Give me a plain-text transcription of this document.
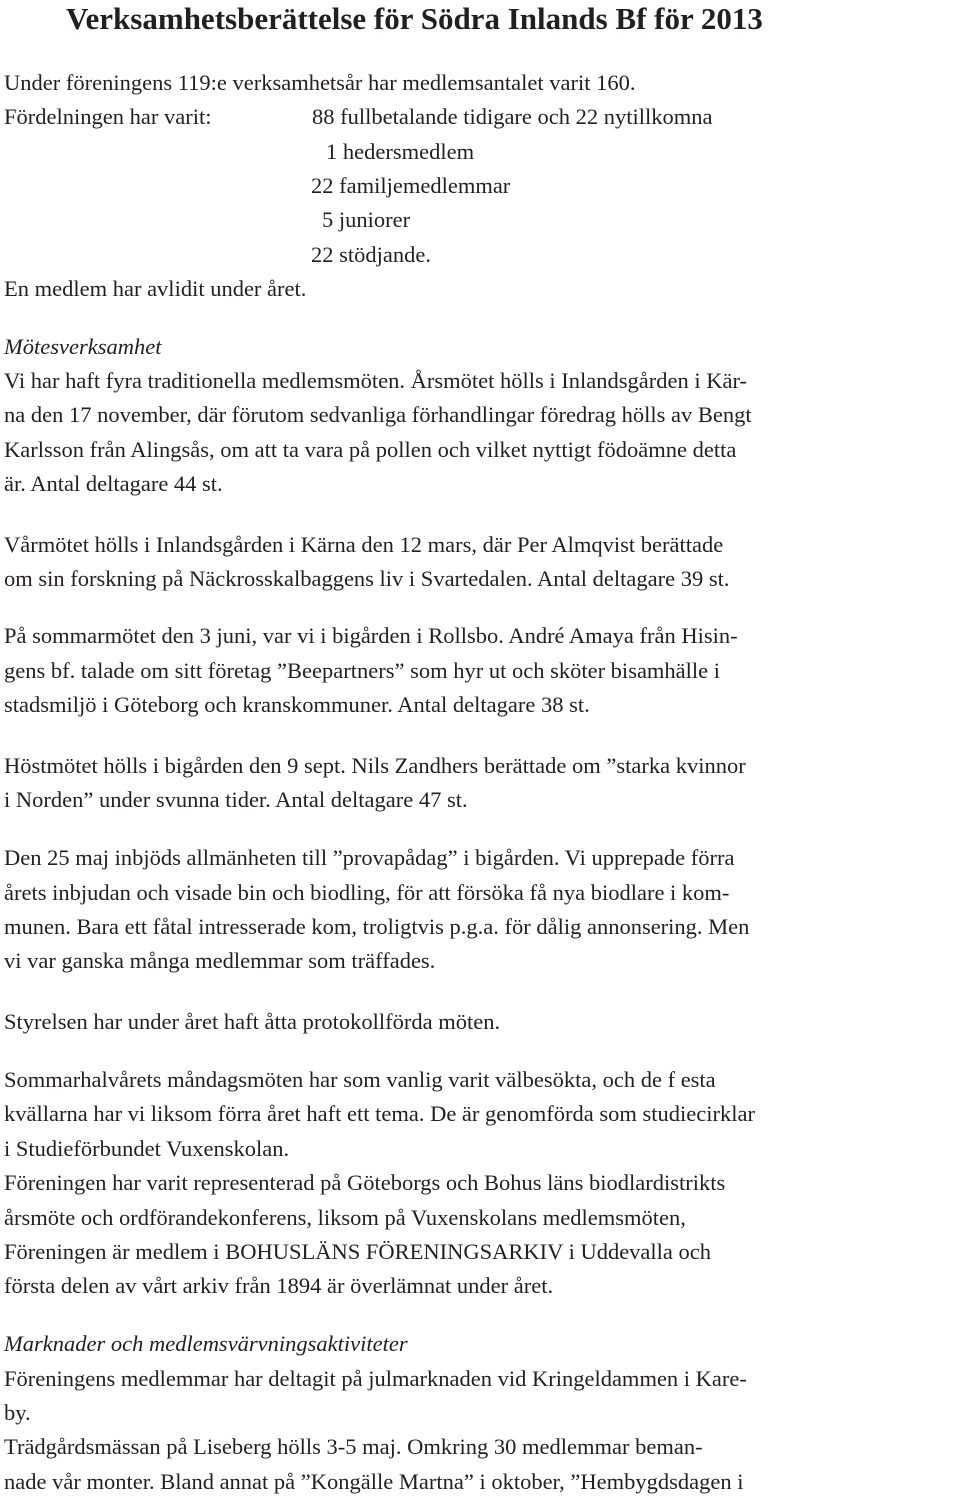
Verksamhetsberättelse för Södra Inlands Bf för 2013
Under föreningens 119:e verksamhetsår har medlemsantalet varit 160.
Fördelningen har varit:	88 fullbetalande tidigare och 22 nytillkomna
1 hedersmedlem
22 familjemedlemmar
5 juniorer
22 stödjande.
En medlem har avlidit under året.
Mötesverksamhet
Vi har haft fyra traditionella medlemsmöten. Årsmötet hölls i Inlandsgården i Kär-
na den 17 november, där förutom sedvanliga förhandlingar föredrag hölls av Bengt
Karlsson från Alingsås, om att ta vara på pollen och vilket nyttigt födoämne detta
är. Antal deltagare 44 st.
Vårmötet hölls i Inlandsgården i Kärna den 12 mars, där Per Almqvist berättade
om sin forskning på Näckrosskalbaggens liv i Svartedalen. Antal deltagare 39 st.
På sommarmötet den 3 juni, var vi i bigården i Rollsbo. André Amaya från Hisin-
gens bf. talade om sitt företag ”Beepartners” som hyr ut och sköter bisamhälle i
stadsmiljö i Göteborg och kranskommuner. Antal deltagare 38 st.
Höstmötet hölls i bigården den 9 sept. Nils Zandhers berättade om ”starka kvinnor
i Norden” under svunna tider. Antal deltagare 47 st.
Den 25 maj inbjöds allmänheten till ”provapådag” i bigården. Vi upprepade förra
årets inbjudan och visade bin och biodling, för att försöka få nya biodlare i kom-
munen. Bara ett fåtal intresserade kom, troligtvis p.g.a. för dålig annonsering. Men
vi var ganska många medlemmar som träffades.
Styrelsen har under året haft åtta protokollförda möten.
Sommarhalvårets måndagsmöten har som vanlig varit välbesökta, och de f esta
kvällarna har vi liksom förra året haft ett tema. De är genomförda som studiecirklar
i Studieförbundet Vuxenskolan.
Föreningen har varit representerad på Göteborgs och Bohus läns biodlardistrikts
årsmöte och ordförandekonferens, liksom på Vuxenskolans medlemsmöten,
Föreningen är medlem i BOHUSLÄNS FÖRENINGSARKIV i Uddevalla och
första delen av vårt arkiv från 1894 är överlämnat under året.
Marknader och medlemsvärvningsaktiviteter
Föreningens medlemmar har deltagit på julmarknaden vid Kringeldammen i Kare-
by.
Trädgårdsmässan på Liseberg hölls 3-5 maj. Omkring 30 medlemmar beman-
nade vår monter. Bland annat på ”Kongälle Martna” i oktober, ”Hembygdsdagen i
